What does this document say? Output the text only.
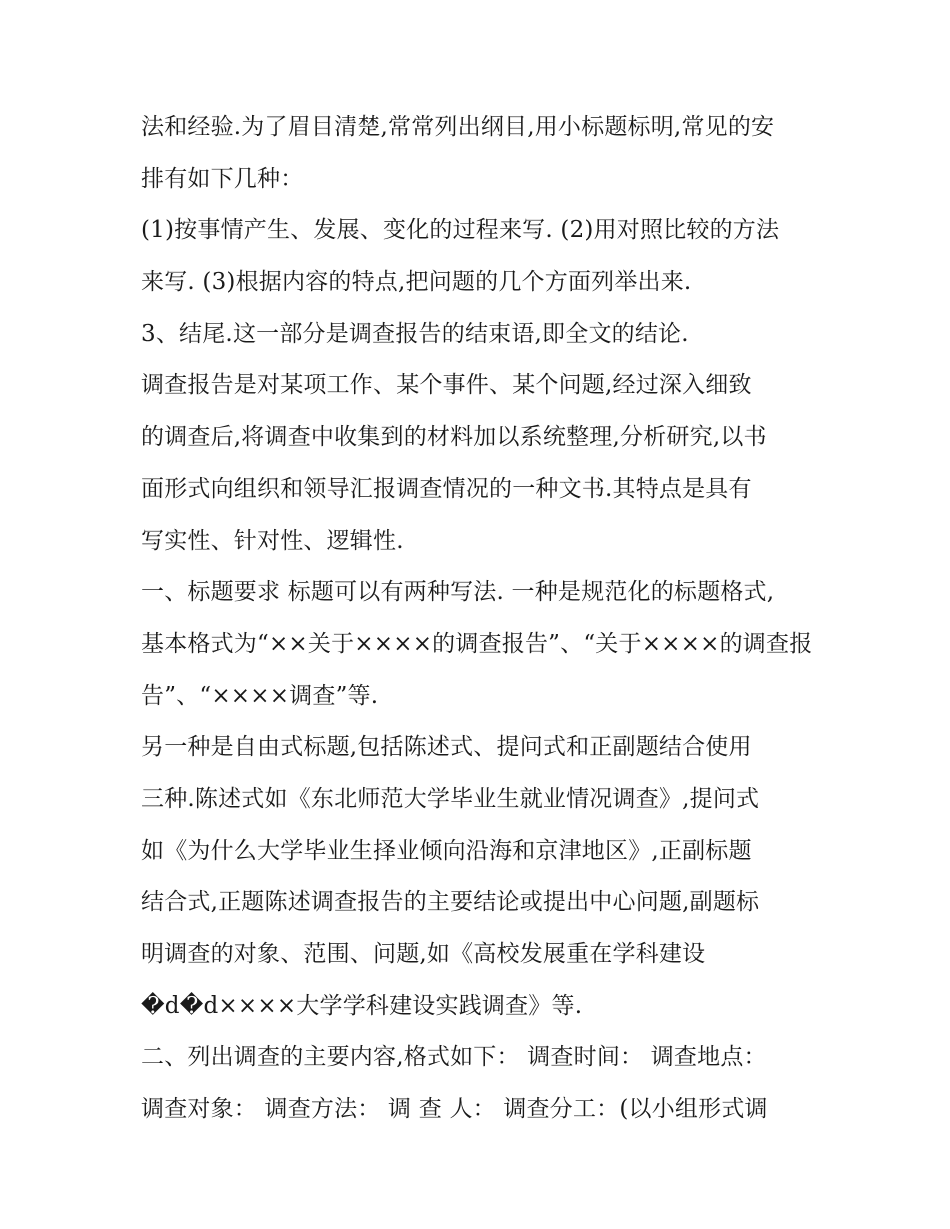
法和经验.为了眉目清楚,常常列出纲目,用小标题标明,常见的安
排有如下几种：
(1)按事情产生、发展、变化的过程来写. (2)用对照比较的方法
来写. (3)根据内容的特点,把问题的几个方面列举出来.
3、结尾.这一部分是调查报告的结束语,即全文的结论.
调查报告是对某项工作、某个事件、某个问题,经过深入细致
的调查后,将调查中收集到的材料加以系统整理,分析研究,以书
面形式向组织和领导汇报调查情况的一种文书.其特点是具有
写实性、针对性、逻辑性.
一、标题要求 标题可以有两种写法. 一种是规范化的标题格式,
基本格式为“××关于××××的调查报告”、“关于××××的调查报
告”、“××××调查”等.
另一种是自由式标题,包括陈述式、提问式和正副题结合使用
三种.陈述式如《东北师范大学毕业生就业情况调查》,提问式
如《为什么大学毕业生择业倾向沿海和京津地区》,正副标题
结合式,正题陈述调查报告的主要结论或提出中心问题,副题标
明调查的对象、范围、问题,如《高校发展重在学科建设
�d�d××××大学学科建设实践调查》等.
二、列出调查的主要内容,格式如下： 调查时间： 调查地点：
调查对象： 调查方法： 调 查 人： 调查分工：(以小组形式调
